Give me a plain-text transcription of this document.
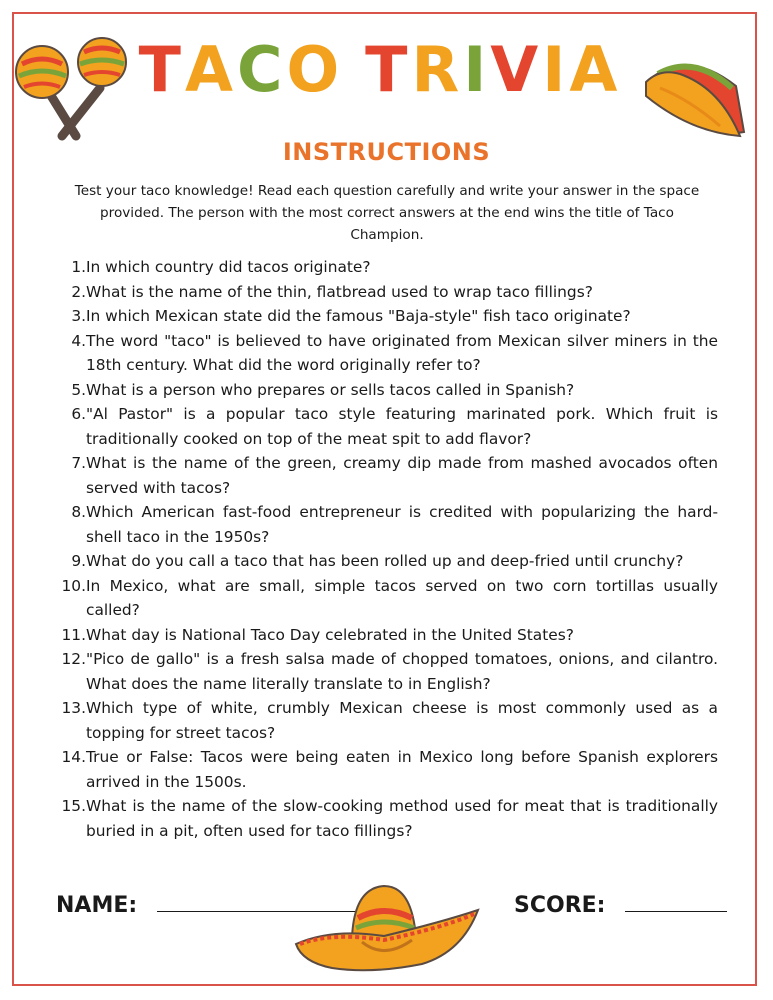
TACO TRIVIA
INSTRUCTIONS
Test your taco knowledge! Read each question carefully and write your answer in the space provided. The person with the most correct answers at the end wins the title of Taco Champion.
1. In which country did tacos originate?
2. What is the name of the thin, flatbread used to wrap taco fillings?
3. In which Mexican state did the famous "Baja-style" fish taco originate?
4. The word "taco" is believed to have originated from Mexican silver miners in the 18th century. What did the word originally refer to?
5. What is a person who prepares or sells tacos called in Spanish?
6. "Al Pastor" is a popular taco style featuring marinated pork. Which fruit is traditionally cooked on top of the meat spit to add flavor?
7. What is the name of the green, creamy dip made from mashed avocados often served with tacos?
8. Which American fast-food entrepreneur is credited with popularizing the hard-shell taco in the 1950s?
9. What do you call a taco that has been rolled up and deep-fried until crunchy?
10. In Mexico, what are small, simple tacos served on two corn tortillas usually called?
11. What day is National Taco Day celebrated in the United States?
12. "Pico de gallo" is a fresh salsa made of chopped tomatoes, onions, and cilantro. What does the name literally translate to in English?
13. Which type of white, crumbly Mexican cheese is most commonly used as a topping for street tacos?
14. True or False: Tacos were being eaten in Mexico long before Spanish explorers arrived in the 1500s.
15. What is the name of the slow-cooking method used for meat that is traditionally buried in a pit, often used for taco fillings?
NAME:	SCORE:
